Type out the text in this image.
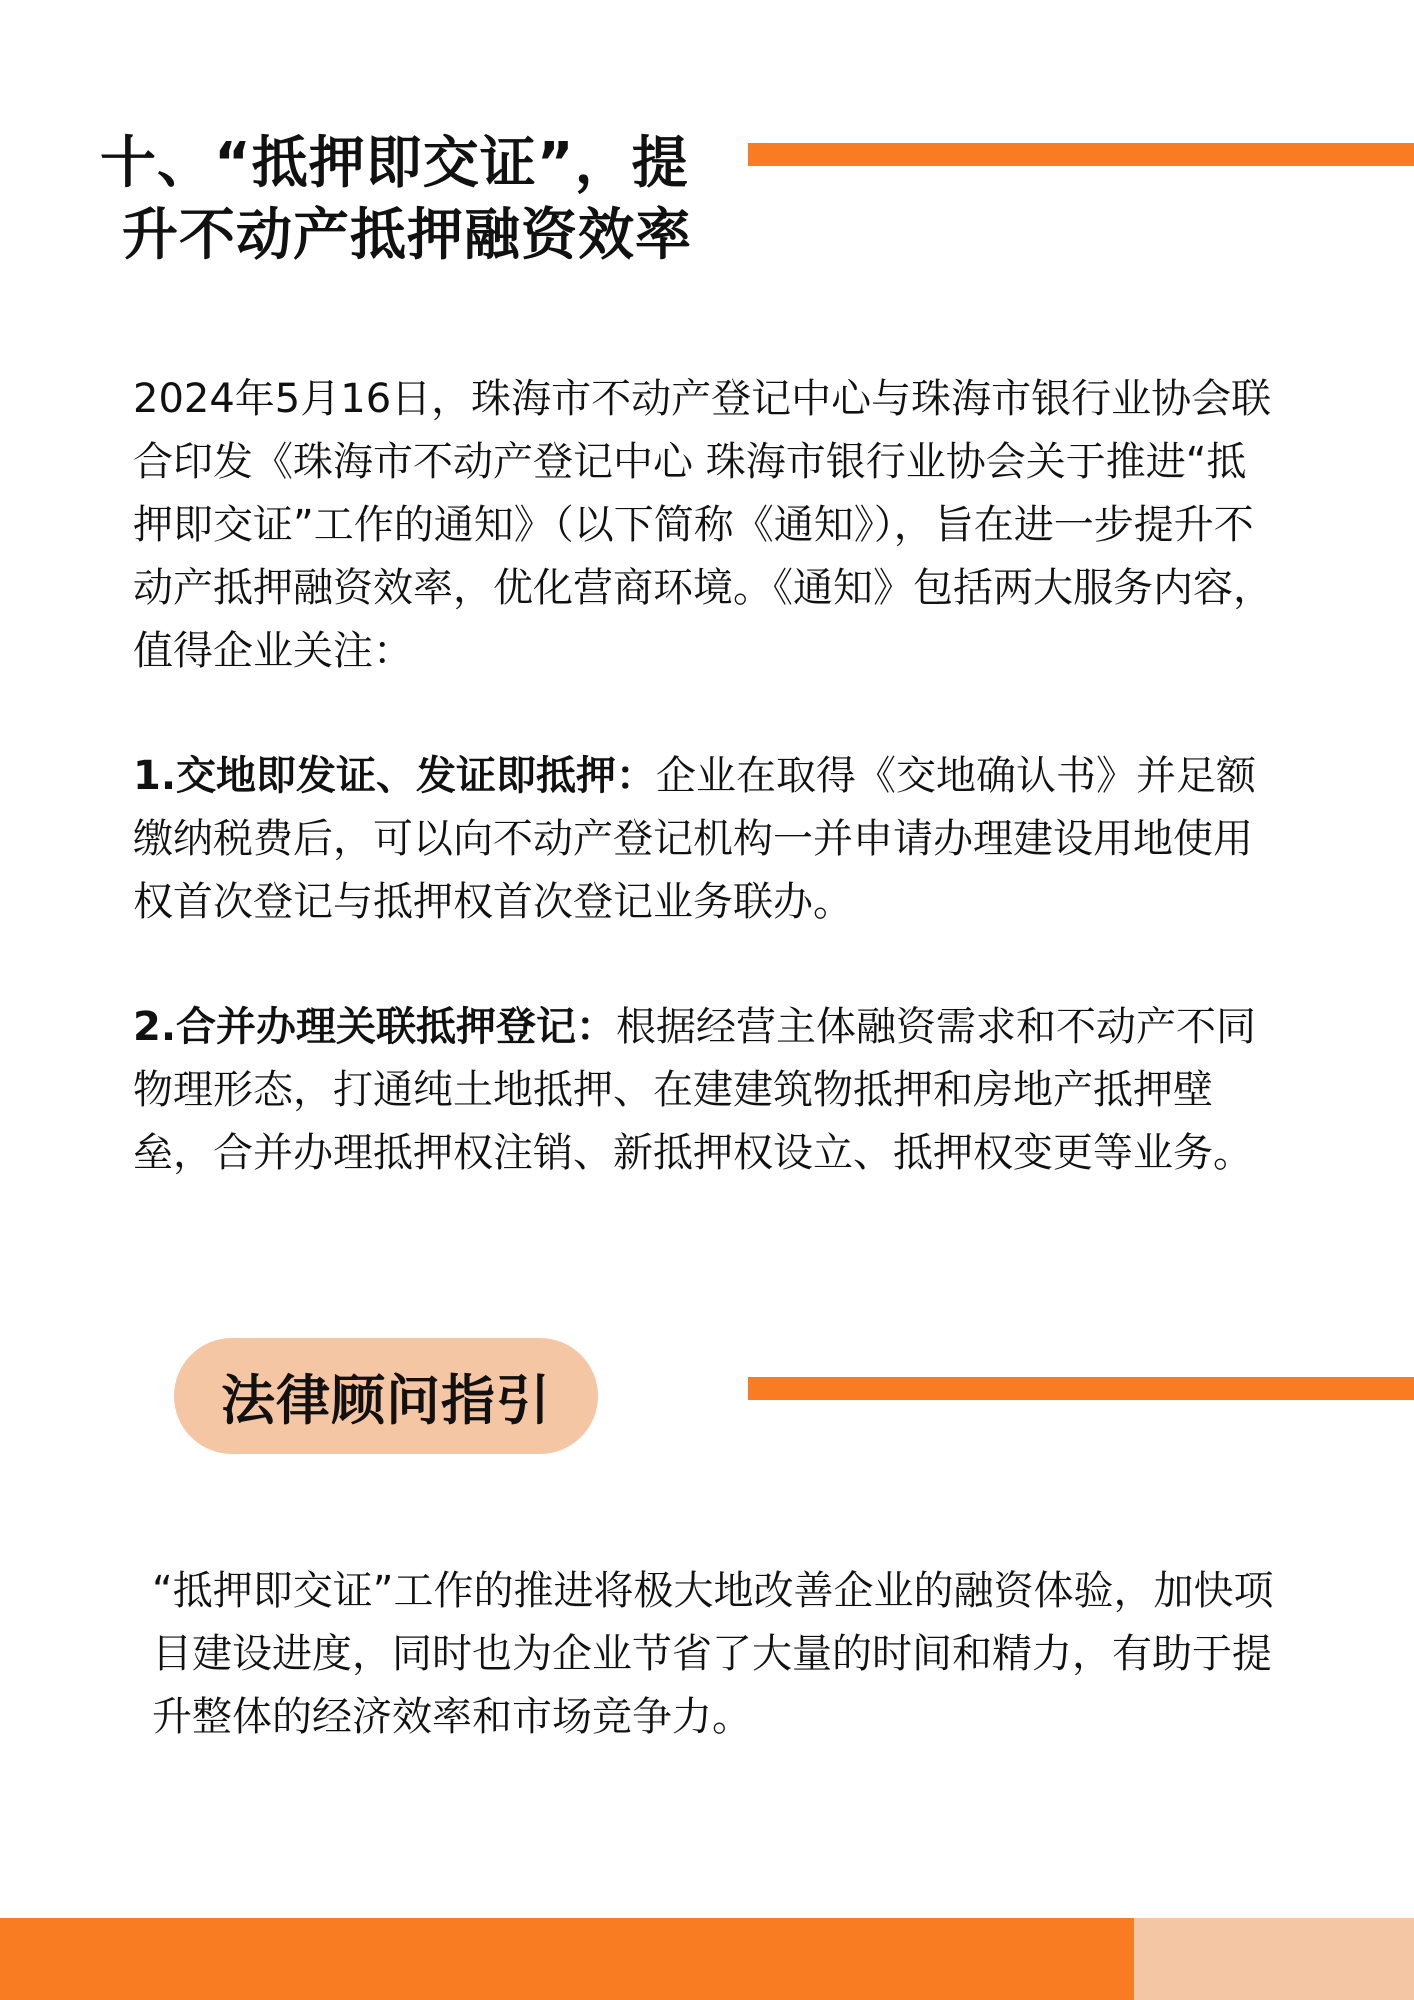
十、“抵押即交证”，提
升不动产抵押融资效率

2024年5月16日，珠海市不动产登记中心与珠海市银行业协会联合印发《珠海市不动产登记中心 珠海市银行业协会关于推进“抵押即交证”工作的通知》（以下简称《通知》），旨在进一步提升不动产抵押融资效率，优化营商环境。《通知》包括两大服务内容，值得企业关注：

1.交地即发证、发证即抵押：企业在取得《交地确认书》并足额缴纳税费后，可以向不动产登记机构一并申请办理建设用地使用权首次登记与抵押权首次登记业务联办。

2.合并办理关联抵押登记：根据经营主体融资需求和不动产不同物理形态，打通纯土地抵押、在建建筑物抵押和房地产抵押壁垒，合并办理抵押权注销、新抵押权设立、抵押权变更等业务。

法律顾问指引

“抵押即交证”工作的推进将极大地改善企业的融资体验，加快项目建设进度，同时也为企业节省了大量的时间和精力，有助于提升整体的经济效率和市场竞争力。
